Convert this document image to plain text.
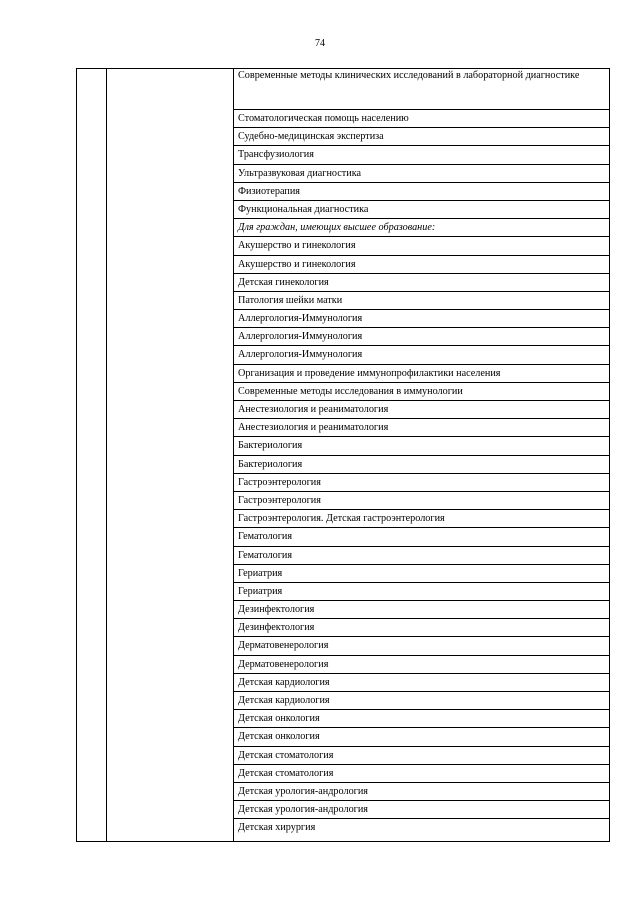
74
Современные методы клинических исследований в лабораторной диагностике
Стоматологическая помощь населению
Судебно-медицинская экспертиза
Трансфузиология
Ультразвуковая диагностика
Физиотерапия
Функциональная диагностика
Для граждан, имеющих высшее образование:
Акушерство и гинекология
Акушерство и гинекология
Детская гинекология
Патология шейки матки
Аллергология-Иммунология
Аллергология-Иммунология
Аллергология-Иммунология
Организация и проведение иммунопрофилактики населения
Современные методы исследования в иммунологии
Анестезиология и реаниматология
Анестезиология и реаниматология
Бактериология
Бактериология
Гастроэнтерология
Гастроэнтерология
Гастроэнтерология. Детская гастроэнтерология
Гематология
Гематология
Гериатрия
Гериатрия
Дезинфектология
Дезинфектология
Дерматовенерология
Дерматовенерология
Детская кардиология
Детская кардиология
Детская онкология
Детская онкология
Детская стоматология
Детская стоматология
Детская урология-андрология
Детская урология-андрология
Детская хирургия
